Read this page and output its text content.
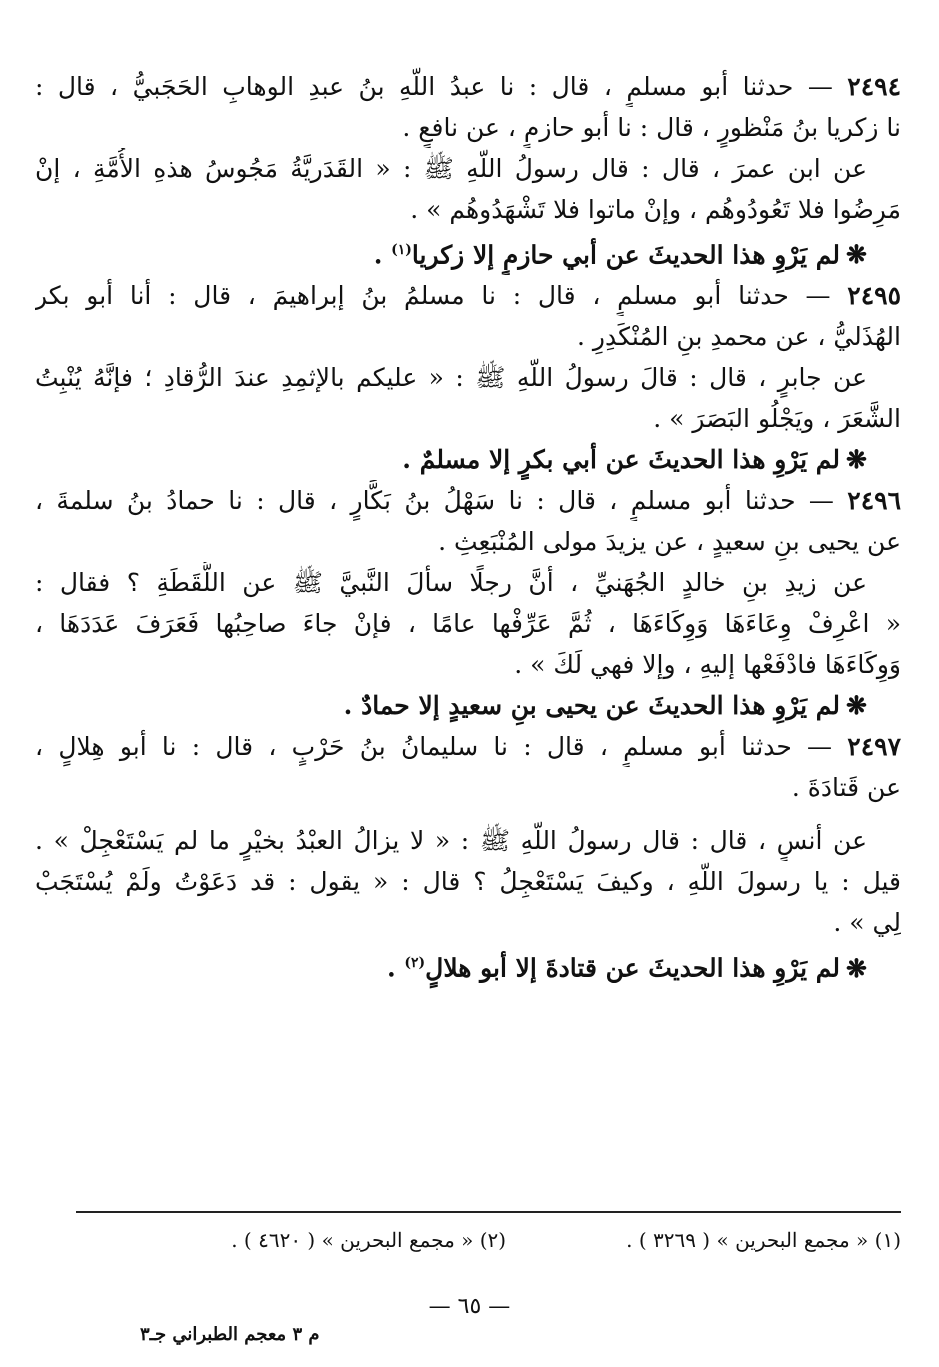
٢٤٩٤ — حدثنا أبو مسلمٍ ، قال : نا عبدُ اللّهِ بنُ عبدِ الوهابِ الحَجَبيُّ ، قال :
نا زكريا بنُ مَنْظورٍ ، قال : نا أبو حازمٍ ، عن نافعٍ .
عن ابن عمرَ ، قال : قال رسولُ اللّهِ ﷺ : « القَدَريَّةُ مَجُوسُ هذهِ الأُمَّةِ ، إنْ
مَرِضُوا فلا تَعُودُوهُم ، وإنْ ماتوا فلا تَشْهَدُوهُم » .
❋لم يَرْوِ هذا الحديثَ عن أبي حازمٍ إلا زكريا$^{(١)}$ .
٢٤٩٥ — حدثنا أبو مسلمٍ ، قال : نا مسلمُ بنُ إبراهيمَ ، قال : أنا أبو بكر
الهُذَليُّ ، عن محمدِ بنِ المُنْكَدِرِ .
عن جابرٍ ، قال : قالَ رسولُ اللّهِ ﷺ : « عليكم بالإثمِدِ عندَ الرُّقادِ ؛ فإنَّهُ يُنْبِتُ
الشَّعَرَ ، ويَجْلُو البَصَرَ » .
❋لم يَرْوِ هذا الحديثَ عن أبي بكرٍ إلا مسلمٌ .
٢٤٩٦ — حدثنا أبو مسلمٍ ، قال : نا سَهْلُ بنُ بَكَّارٍ ، قال : نا حمادُ بنُ سلمةَ ،
عن يحيى بنِ سعيدٍ ، عن يزيدَ مولى المُنْبَعِثِ .
عن زيدِ بنِ خالدٍ الجُهَنيِّ ، أنَّ رجلًا سألَ النَّبيَّ ﷺ عن اللُّقَطَةِ ؟ فقال :
« اعْرِفْ وِعَاءَهَا وَوِكَاءَهَا ، ثُمَّ عَرِّفْها عامًا ، فإنْ جاءَ صاحِبُها فَعَرَفَ عَدَدَهَا ،
وَوِكَاءَهَا فادْفَعْها إليهِ ، وإلا فهي لَكَ » .
❋لم يَرْوِ هذا الحديثَ عن يحيى بنِ سعيدٍ إلا حمادٌ .
٢٤٩٧ — حدثنا أبو مسلمٍ ، قال : نا سليمانُ بنُ حَرْبٍ ، قال : نا أبو هِلالٍ ،
عن قَتادَةَ .
عن أنسٍ ، قال : قال رسولُ اللّهِ ﷺ : « لا يزالُ العبْدُ بخيْرٍ ما لم يَسْتَعْجِلْ » .
قيل : يا رسولَ اللّهِ ، وكيفَ يَسْتَعْجِلُ ؟ قال : « يقول : قد دَعَوْتُ ولَمْ يُسْتَجَبْ
لِي » .
❋لم يَرْوِ هذا الحديثَ عن قتادةَ إلا أبو هلالٍ$^{(٢)}$ .
(١) « مجمع البحرين » ( ٣٢٦٩ ) .
(٢) « مجمع البحرين » ( ٤٦٢٠ ) .
— ٦٥ —
م ٣ معجم الطبراني جـ٣
